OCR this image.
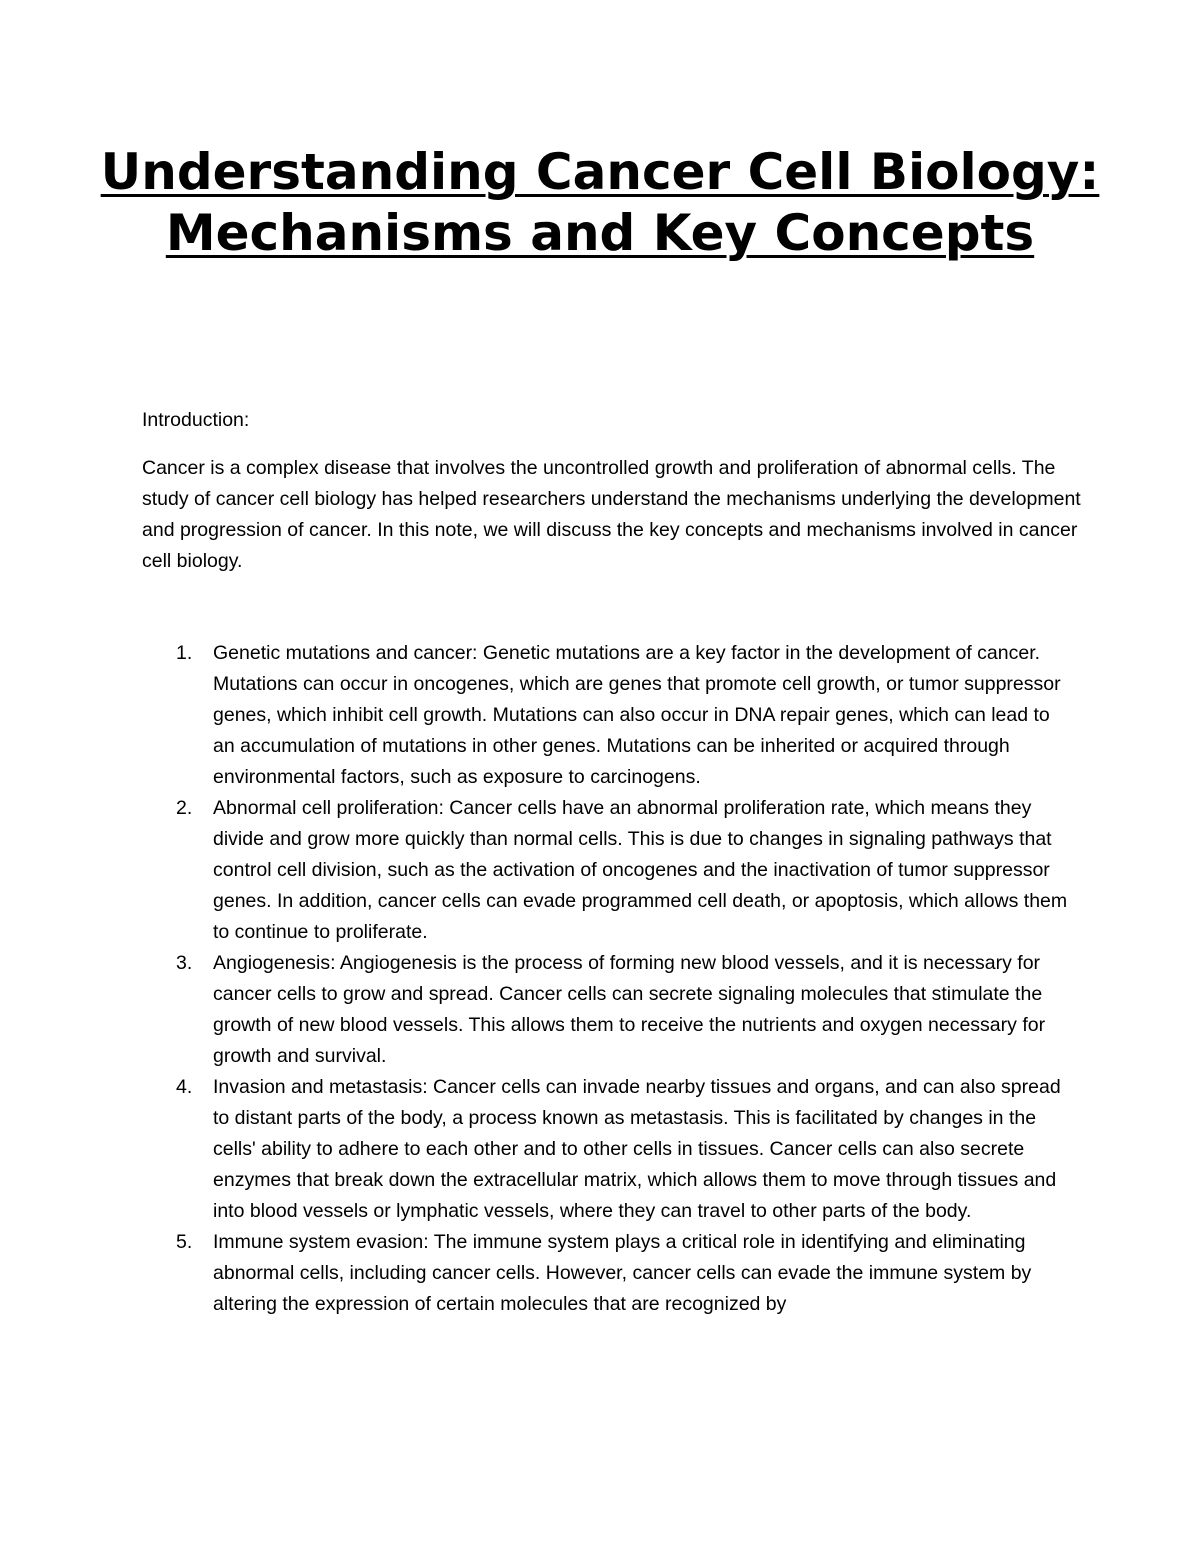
Understanding Cancer Cell Biology: Mechanisms and Key Concepts

Introduction:

Cancer is a complex disease that involves the uncontrolled growth and proliferation of abnormal cells. The study of cancer cell biology has helped researchers understand the mechanisms underlying the development and progression of cancer. In this note, we will discuss the key concepts and mechanisms involved in cancer cell biology.

1. Genetic mutations and cancer: Genetic mutations are a key factor in the development of cancer. Mutations can occur in oncogenes, which are genes that promote cell growth, or tumor suppressor genes, which inhibit cell growth. Mutations can also occur in DNA repair genes, which can lead to an accumulation of mutations in other genes. Mutations can be inherited or acquired through environmental factors, such as exposure to carcinogens.
2. Abnormal cell proliferation: Cancer cells have an abnormal proliferation rate, which means they divide and grow more quickly than normal cells. This is due to changes in signaling pathways that control cell division, such as the activation of oncogenes and the inactivation of tumor suppressor genes. In addition, cancer cells can evade programmed cell death, or apoptosis, which allows them to continue to proliferate.
3. Angiogenesis: Angiogenesis is the process of forming new blood vessels, and it is necessary for cancer cells to grow and spread. Cancer cells can secrete signaling molecules that stimulate the growth of new blood vessels. This allows them to receive the nutrients and oxygen necessary for growth and survival.
4. Invasion and metastasis: Cancer cells can invade nearby tissues and organs, and can also spread to distant parts of the body, a process known as metastasis. This is facilitated by changes in the cells' ability to adhere to each other and to other cells in tissues. Cancer cells can also secrete enzymes that break down the extracellular matrix, which allows them to move through tissues and into blood vessels or lymphatic vessels, where they can travel to other parts of the body.
5. Immune system evasion: The immune system plays a critical role in identifying and eliminating abnormal cells, including cancer cells. However, cancer cells can evade the immune system by altering the expression of certain molecules that are recognized by
